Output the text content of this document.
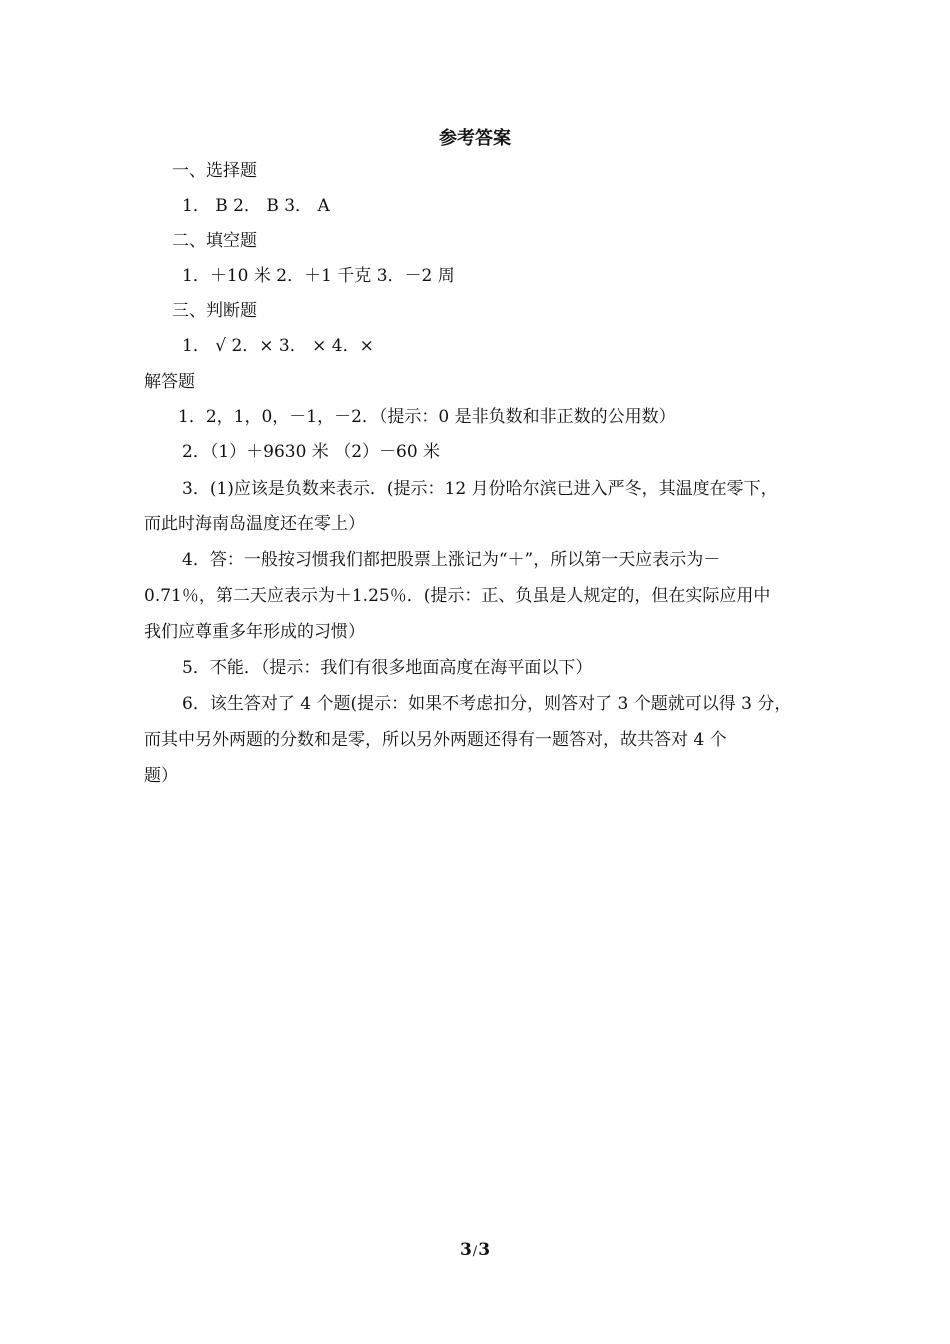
参考答案
一、选择题
1． B 2． B 3． A
二、填空题
1．＋10 米 2．＋1 千克 3．－2 周
三、判断题
1． √ 2．× 3． × 4．×
解答题
1．2，1，0，－1，－2．（提示：0 是非负数和非正数的公用数）
2．（1）＋9630 米 （2）－60 米
3．(1)应该是负数来表示．(提示：12 月份哈尔滨已进入严冬，其温度在零下，
而此时海南岛温度还在零上）
4．答：一般按习惯我们都把股票上涨记为“＋”，所以第一天应表示为－
0.71％，第二天应表示为＋1.25％．(提示：正、负虽是人规定的，但在实际应用中
我们应尊重多年形成的习惯）
5．不能．（提示：我们有很多地面高度在海平面以下）
6．该生答对了 4 个题(提示：如果不考虑扣分，则答对了 3 个题就可以得 3 分，
而其中另外两题的分数和是零，所以另外两题还得有一题答对，故共答对 4 个
题）
3/3
